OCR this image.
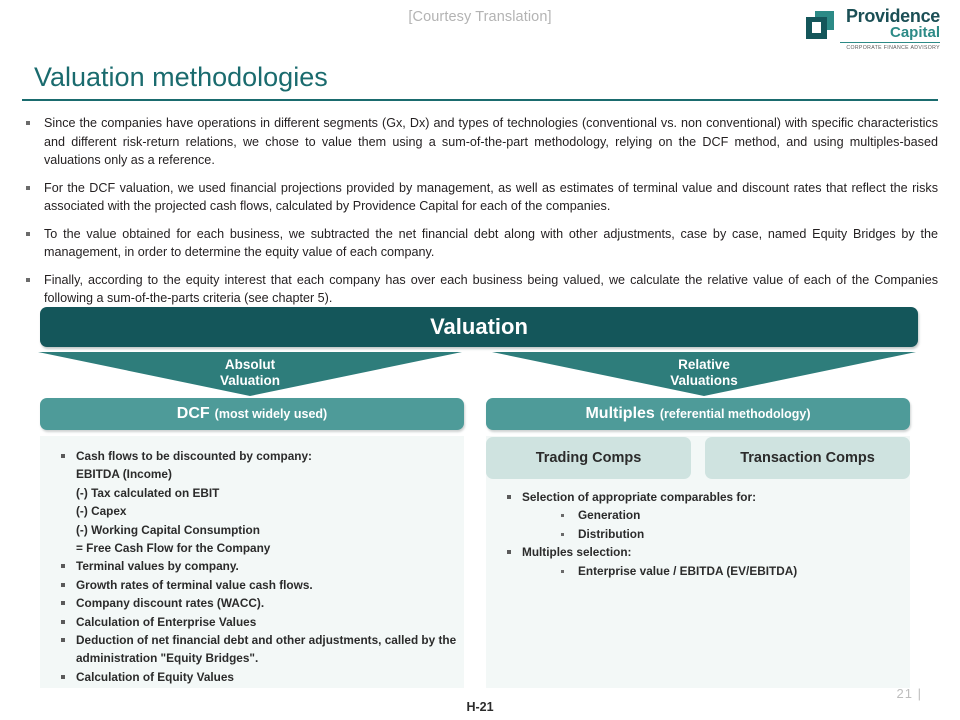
[Courtesy Translation]	Providence
Capital
CORPORATE FINANCE ADVISORY
Valuation methodologies
Since the companies have operations in different segments (Gx, Dx) and types of technologies (conventional vs. non conventional) with specific characteristics and different risk-return relations, we chose to value them using a sum-of-the-part methodology, relying on the DCF method, and using multiples-based valuations only as a reference.
For the DCF valuation, we used financial projections provided by management, as well as estimates of terminal value and discount rates that reflect the risks associated with the projected cash flows, calculated by Providence Capital for each of the companies.
To the value obtained for each business, we subtracted the net financial debt along with other adjustments, case by case, named Equity Bridges by the management, in order to determine the equity value of each company.
Finally, according to the equity interest that each company has over each business being valued, we calculate the relative value of each of the Companies following a sum-of-the-parts criteria (see chapter 5).
Valuation
Absolut
Valuation
Relative
Valuations
DCF (most widely used)	Multiples (referential methodology)
Trading Comps	Transaction Comps
Cash flows to be discounted by company:
EBITDA (Income)
(-) Tax calculated on EBIT
(-) Capex
(-) Working Capital Consumption
= Free Cash Flow for the Company
Terminal values by company.
Growth rates of terminal value cash flows.
Company discount rates (WACC).
Calculation of Enterprise Values
Deduction of net financial debt and other adjustments, called by the administration "Equity Bridges".
Calculation of Equity Values
Selection of appropriate comparables for:
Generation
Distribution
Multiples selection:
Enterprise value / EBITDA (EV/EBITDA)
21 |
H-21
